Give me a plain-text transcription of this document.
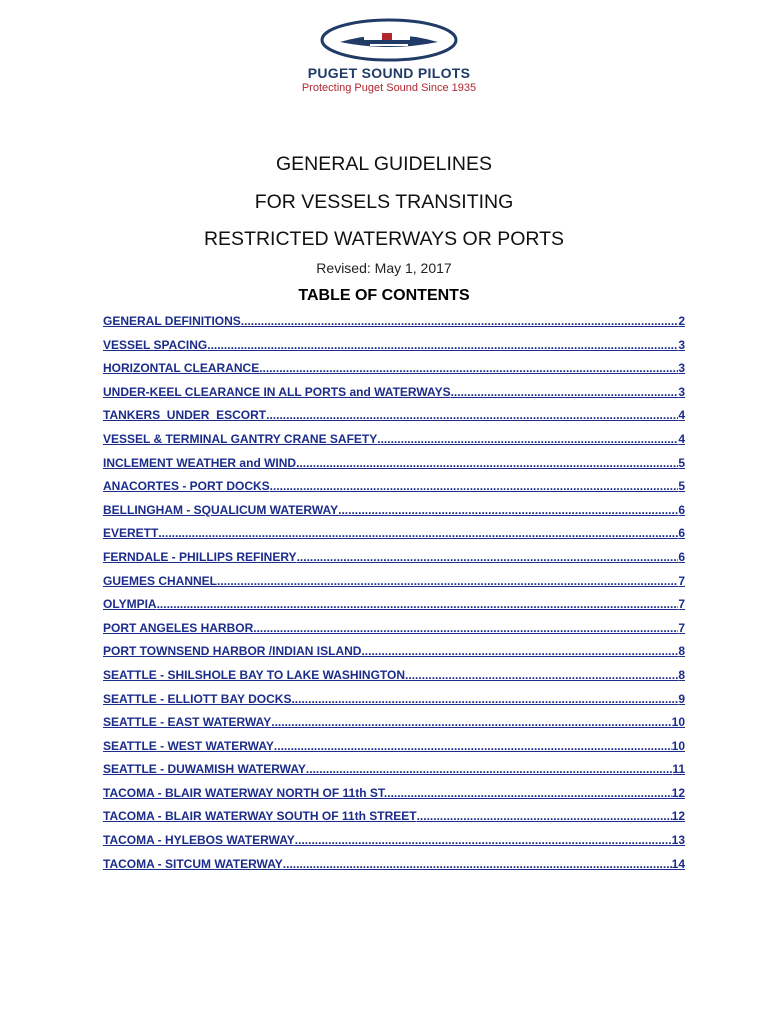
PUGET SOUND PILOTS
Protecting Puget Sound Since 1935
GENERAL GUIDELINES
FOR VESSELS TRANSITING
RESTRICTED WATERWAYS OR PORTS
Revised: May 1, 2017
TABLE OF CONTENTS
GENERAL DEFINITIONS .....	2
VESSEL SPACING .....	3
HORIZONTAL CLEARANCE .....	3
UNDER-KEEL CLEARANCE IN ALL PORTS and WATERWAYS .....	3
TANKERS  UNDER  ESCORT .....	4
VESSEL & TERMINAL GANTRY CRANE SAFETY .....	4
INCLEMENT WEATHER and WIND .....	5
ANACORTES - PORT DOCKS .....	5
BELLINGHAM - SQUALICUM WATERWAY .....	6
EVERETT .....	6
FERNDALE - PHILLIPS REFINERY .....	6
GUEMES CHANNEL .....	7
OLYMPIA .....	7
PORT ANGELES HARBOR .....	7
PORT TOWNSEND HARBOR /INDIAN ISLAND .....	8
SEATTLE - SHILSHOLE BAY TO LAKE WASHINGTON .....	8
SEATTLE - ELLIOTT BAY DOCKS .....	9
SEATTLE - EAST WATERWAY .....	10
SEATTLE - WEST WATERWAY .....	10
SEATTLE - DUWAMISH WATERWAY .....	11
TACOMA - BLAIR WATERWAY NORTH OF 11th ST. .....	12
TACOMA - BLAIR WATERWAY SOUTH OF 11th STREET .....	12
TACOMA - HYLEBOS WATERWAY .....	13
TACOMA - SITCUM WATERWAY .....	14
